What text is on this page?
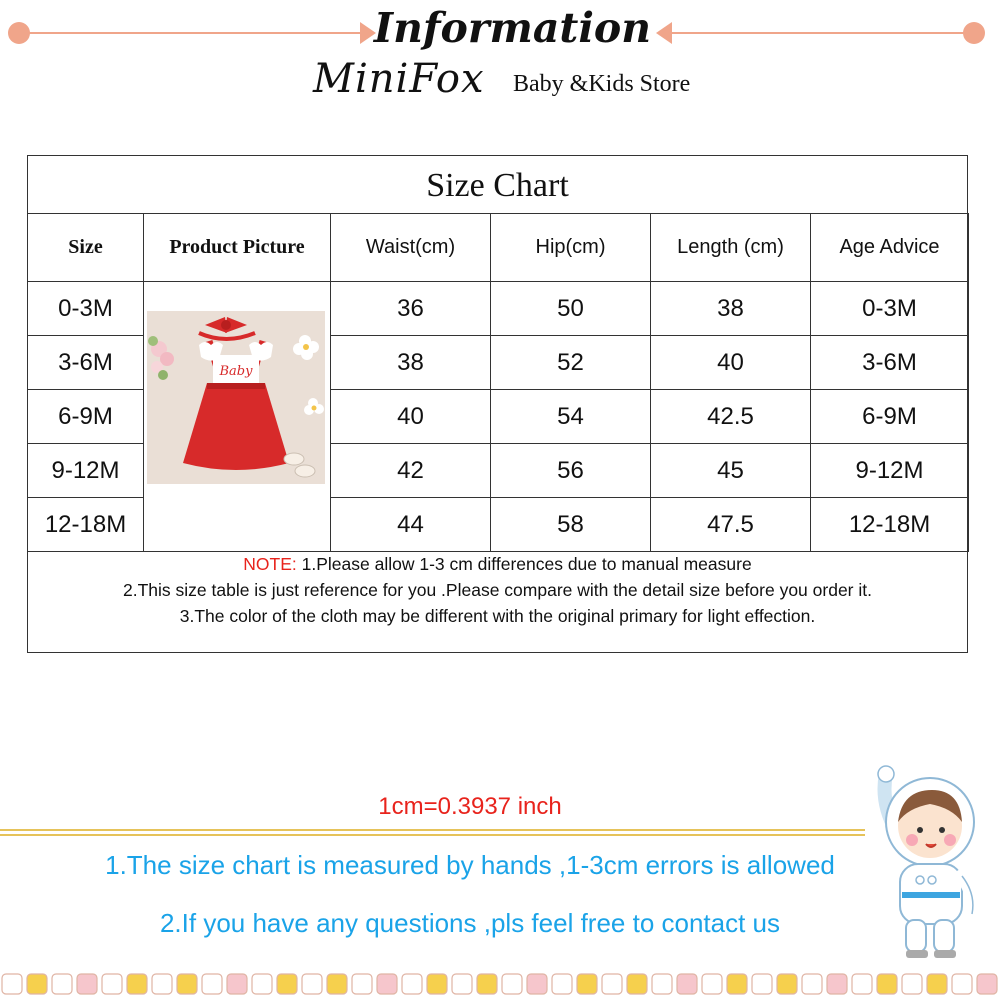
Information
MiniFox Baby &Kids Store
Size Chart
Size	Product Picture	Waist(cm)	Hip(cm)	Length (cm)	Age Advice
0-3M		36	50	38	0-3M
3-6M		38	52	40	3-6M
6-9M		40	54	42.5	6-9M
9-12M		42	56	45	9-12M
12-18M		44	58	47.5	12-18M
NOTE: 1.Please allow 1-3 cm differences due to manual measure
2.This size table is just reference for you .Please compare with the detail size before you order it.
3.The color of the cloth may be different with the original primary for light effection.
Baby
1cm=0.3937 inch
1.The size chart is measured by hands ,1-3cm errors is allowed
2.If you have any questions ,pls feel free to contact us
